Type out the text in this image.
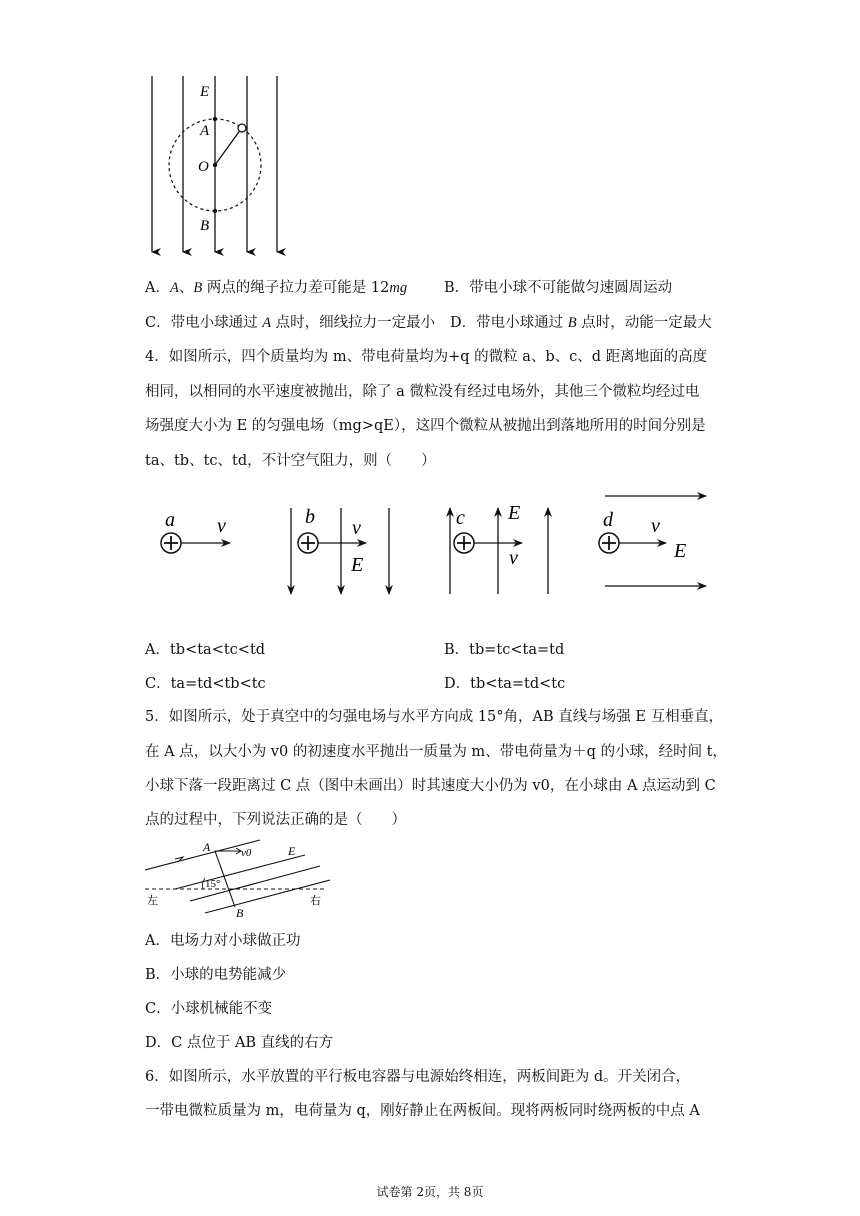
E
A
O
B
A．A、B 两点的绳子拉力差可能是 12mg	B．带电小球不可能做匀速圆周运动
C．带电小球通过 A 点时，细线拉力一定最小 D．带电小球通过 B 点时，动能一定最大
4．如图所示，四个质量均为 m、带电荷量均为+q 的微粒 a、b、c、d 距离地面的高度
相同，以相同的水平速度被抛出，除了 a 微粒没有经过电场外，其他三个微粒均经过电
场强度大小为 E 的匀强电场（mg>qE），这四个微粒从被抛出到落地所用的时间分别是
ta、tb、tc、td，不计空气阻力，则（　　）
a v	b v
E
c E
v
d v
E
A．tb<ta<tc<td	B．tb=tc<ta=td
C．ta=td<tb<tc	D．tb<ta=td<tc
5．如图所示，处于真空中的匀强电场与水平方向成 15°角，AB 直线与场强 E 互相垂直，
在 A 点，以大小为 v0 的初速度水平抛出一质量为 m、带电荷量为＋q 的小球，经时间 t，
小球下落一段距离过 C 点（图中未画出）时其速度大小仍为 v0，在小球由 A 点运动到 C
点的过程中，下列说法正确的是（　　）
A	v0	E
15°
左	右
B
A．电场力对小球做正功
B．小球的电势能减少
C．小球机械能不变
D．C 点位于 AB 直线的右方
6．如图所示，水平放置的平行板电容器与电源始终相连，两板间距为 d。开关闭合，
一带电微粒质量为 m，电荷量为 q，刚好静止在两板间。现将两板同时绕两板的中点 A
试卷第 2页，共 8页
